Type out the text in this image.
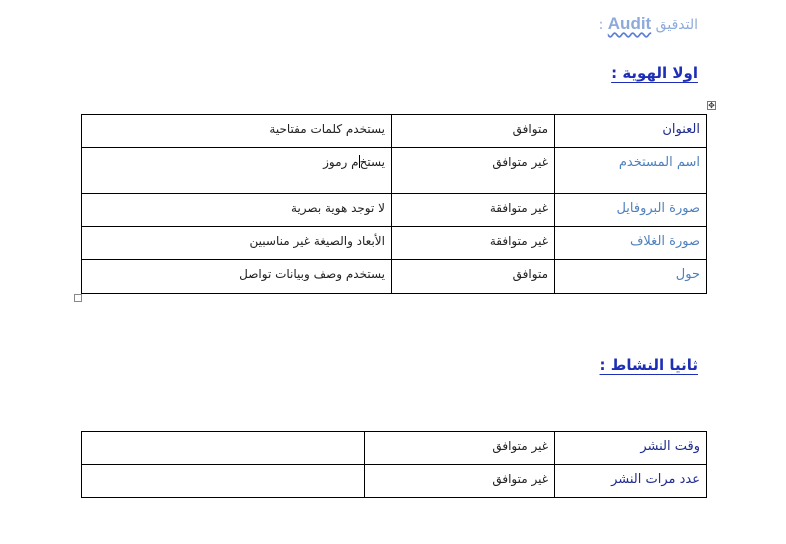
التدقيق Audit :
اولا الهوية :
✥
يستخدم كلمات مفتاحية	متوافق	العنوان
يستخم رموز	غير متوافق	اسم المستخدم
لا توجد هوية بصرية	غير متوافقة	صورة البروفايل
الأبعاد والصيغة غير مناسبين	غير متوافقة	صورة الغلاف
يستخدم وصف وبيانات تواصل	متوافق	حول
ثانيا النشاط :
	غير متوافق	وقت النشر
	غير متوافق	عدد مرات النشر
